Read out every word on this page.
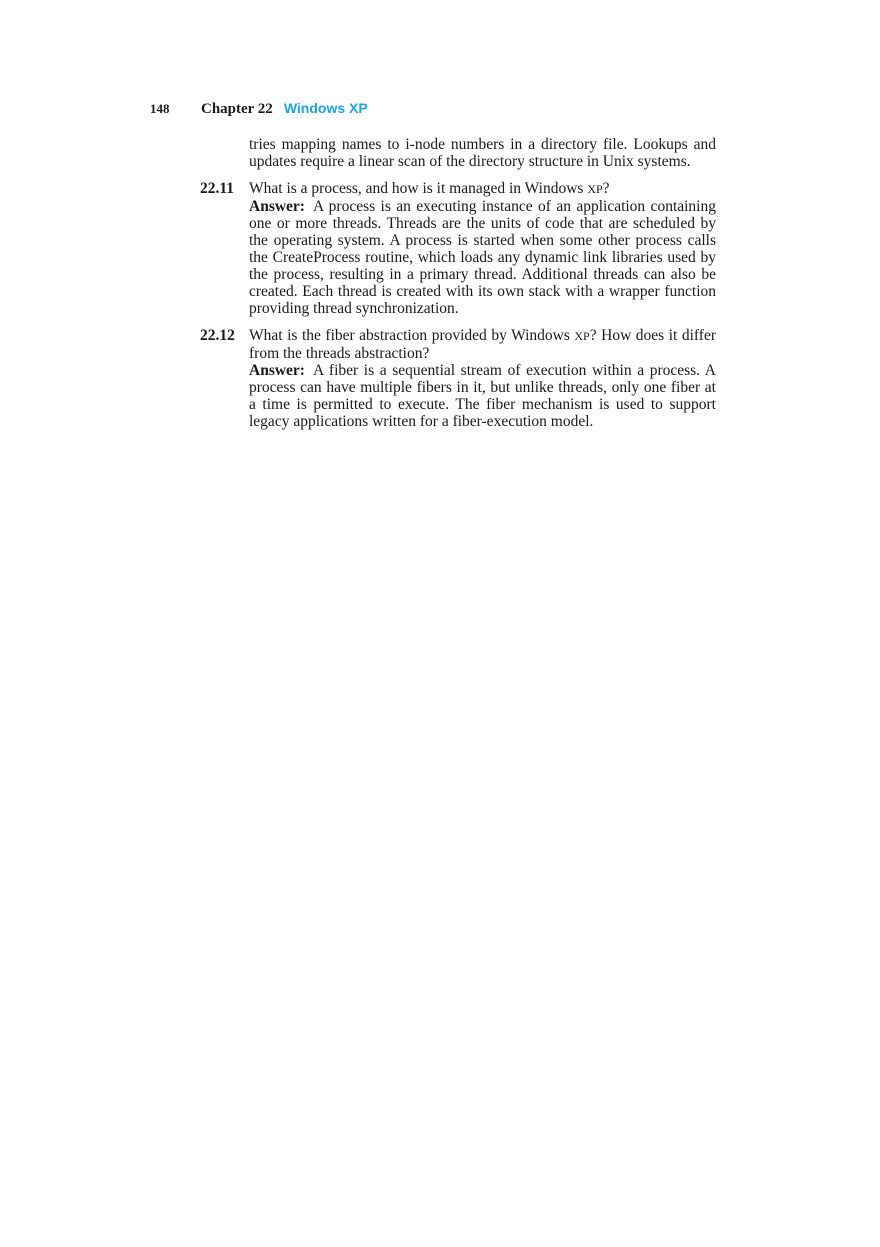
148	Chapter 22 Windows XP
tries mapping names to i-node numbers in a directory file. Lookups and updates require a linear scan of the directory structure in Unix systems.
22.11 What is a process, and how is it managed in Windows XP?
Answer: A process is an executing instance of an application containing one or more threads. Threads are the units of code that are scheduled by the operating system. A process is started when some other process calls the CreateProcess routine, which loads any dynamic link libraries used by the process, resulting in a primary thread. Additional threads can also be created. Each thread is created with its own stack with a wrapper function providing thread synchronization.
22.12 What is the fiber abstraction provided by Windows XP? How does it differ from the threads abstraction?
Answer: A fiber is a sequential stream of execution within a process. A process can have multiple fibers in it, but unlike threads, only one fiber at a time is permitted to execute. The fiber mechanism is used to support legacy applications written for a fiber-execution model.
